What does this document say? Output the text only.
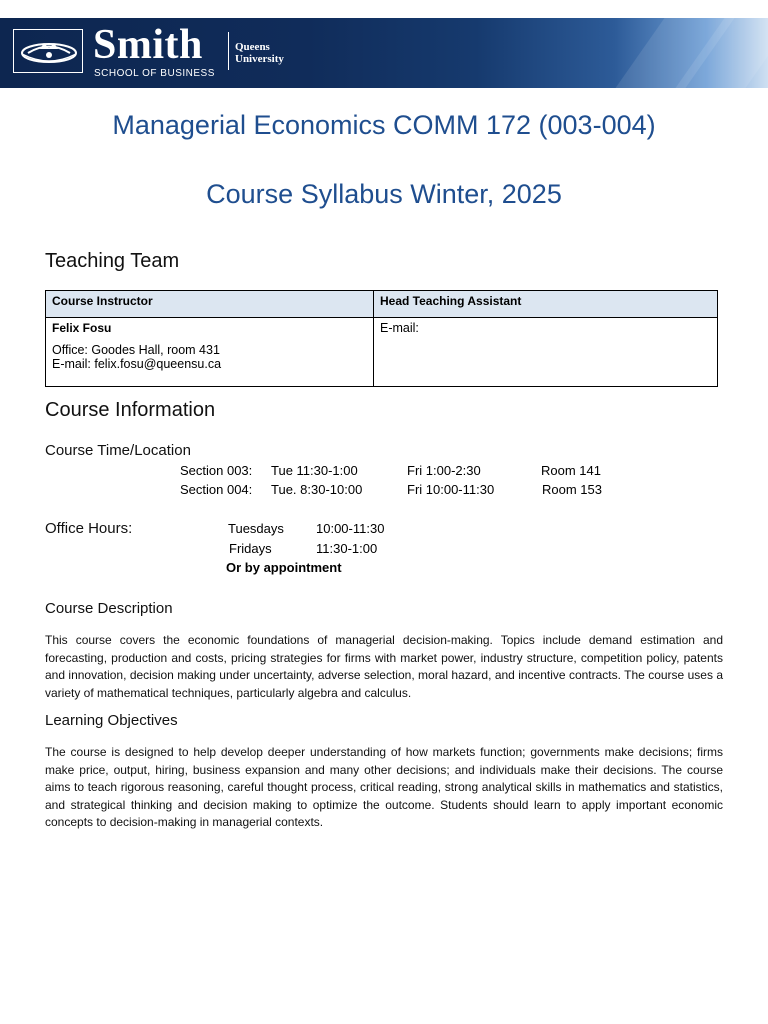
Smith
SCHOOL OF BUSINESS
Queens
University
Managerial Economics COMM 172 (003-004)
Course Syllabus Winter, 2025
Teaching Team
Course Instructor	Head Teaching Assistant

Felix Fosu
Office: Goodes Hall, room 431
E-mail: felix.fosu@queensu.ca	E-mail:
Course Information
Course Time/Location
Section 003: Tue 11:30-1:00	Fri 1:00-2:30	Room 141
Section 004: Tue. 8:30-10:00	Fri 10:00-11:30	Room 153
Office Hours:	Tuesdays 10:00-11:30
Fridays	11:30-1:00
Or by appointment
Course Description
This course covers the economic foundations of managerial decision-making. Topics include demand estimation and forecasting, production and costs, pricing strategies for firms with market power, industry structure, competition policy, patents and innovation, decision making under uncertainty, adverse selection, moral hazard, and incentive contracts. The course uses a variety of mathematical techniques, particularly algebra and calculus.
Learning Objectives
The course is designed to help develop deeper understanding of how markets function; governments make decisions; firms make price, output, hiring, business expansion and many other decisions; and individuals make their decisions. The course aims to teach rigorous reasoning, careful thought process, critical reading, strong analytical skills in mathematics and statistics, and strategical thinking and decision making to optimize the outcome. Students should learn to apply important economic concepts to decision-making in managerial contexts.
